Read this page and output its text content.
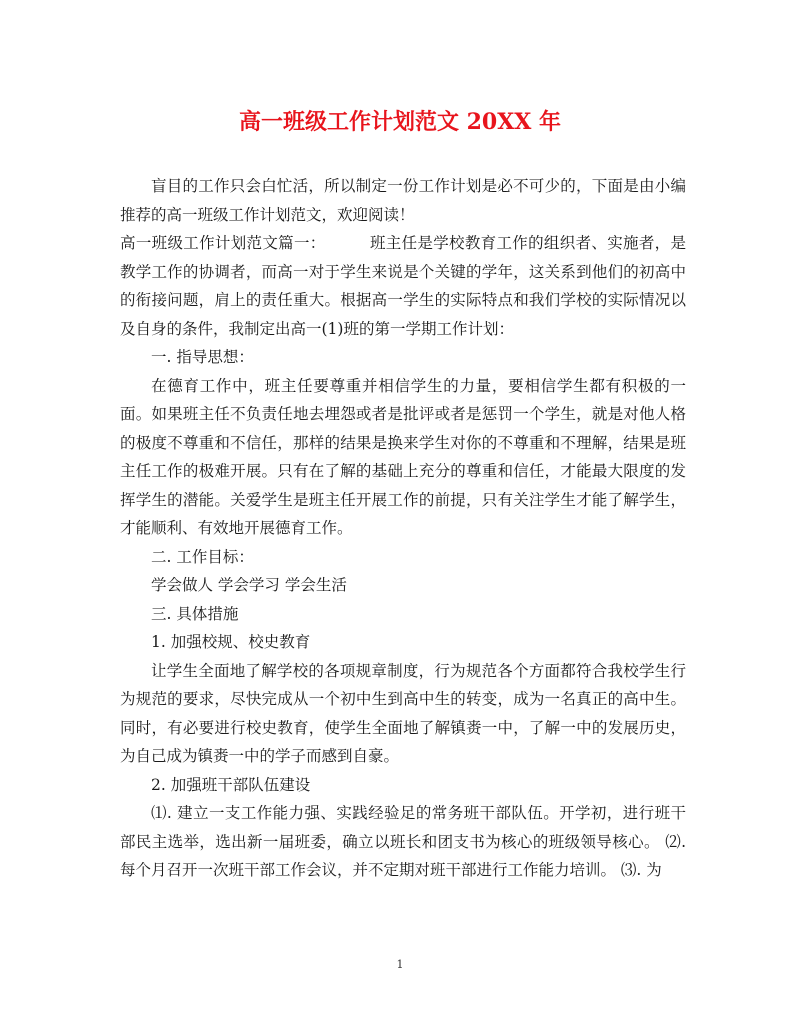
高一班级工作计划范文 20XX 年

盲目的工作只会白忙活，所以制定一份工作计划是必不可少的，下面是由小编推荐的高一班级工作计划范文，欢迎阅读！

高一班级工作计划范文篇一：	班主任是学校教育工作的组织者、实施者，是教学工作的协调者，而高一对于学生来说是个关键的学年，这关系到他们的初高中的衔接问题，肩上的责任重大。根据高一学生的实际特点和我们学校的实际情况以及自身的条件，我制定出高一(1)班的第一学期工作计划：

一. 指导思想：

在德育工作中，班主任要尊重并相信学生的力量，要相信学生都有积极的一面。如果班主任不负责任地去埋怨或者是批评或者是惩罚一个学生，就是对他人格的极度不尊重和不信任，那样的结果是换来学生对你的不尊重和不理解，结果是班主任工作的极难开展。只有在了解的基础上充分的尊重和信任，才能最大限度的发挥学生的潜能。关爱学生是班主任开展工作的前提，只有关注学生才能了解学生，才能顺利、有效地开展德育工作。

二. 工作目标：

学会做人 学会学习 学会生活

三. 具体措施

1. 加强校规、校史教育

让学生全面地了解学校的各项规章制度，行为规范各个方面都符合我校学生行为规范的要求，尽快完成从一个初中生到高中生的转变，成为一名真正的高中生。同时，有必要进行校史教育，使学生全面地了解镇赉一中，了解一中的发展历史，为自己成为镇赉一中的学子而感到自豪。

2. 加强班干部队伍建设

⑴. 建立一支工作能力强、实践经验足的常务班干部队伍。开学初，进行班干部民主选举，选出新一届班委，确立以班长和团支书为核心的班级领导核心。 ⑵. 每个月召开一次班干部工作会议，并不定期对班干部进行工作能力培训。 ⑶. 为

1
